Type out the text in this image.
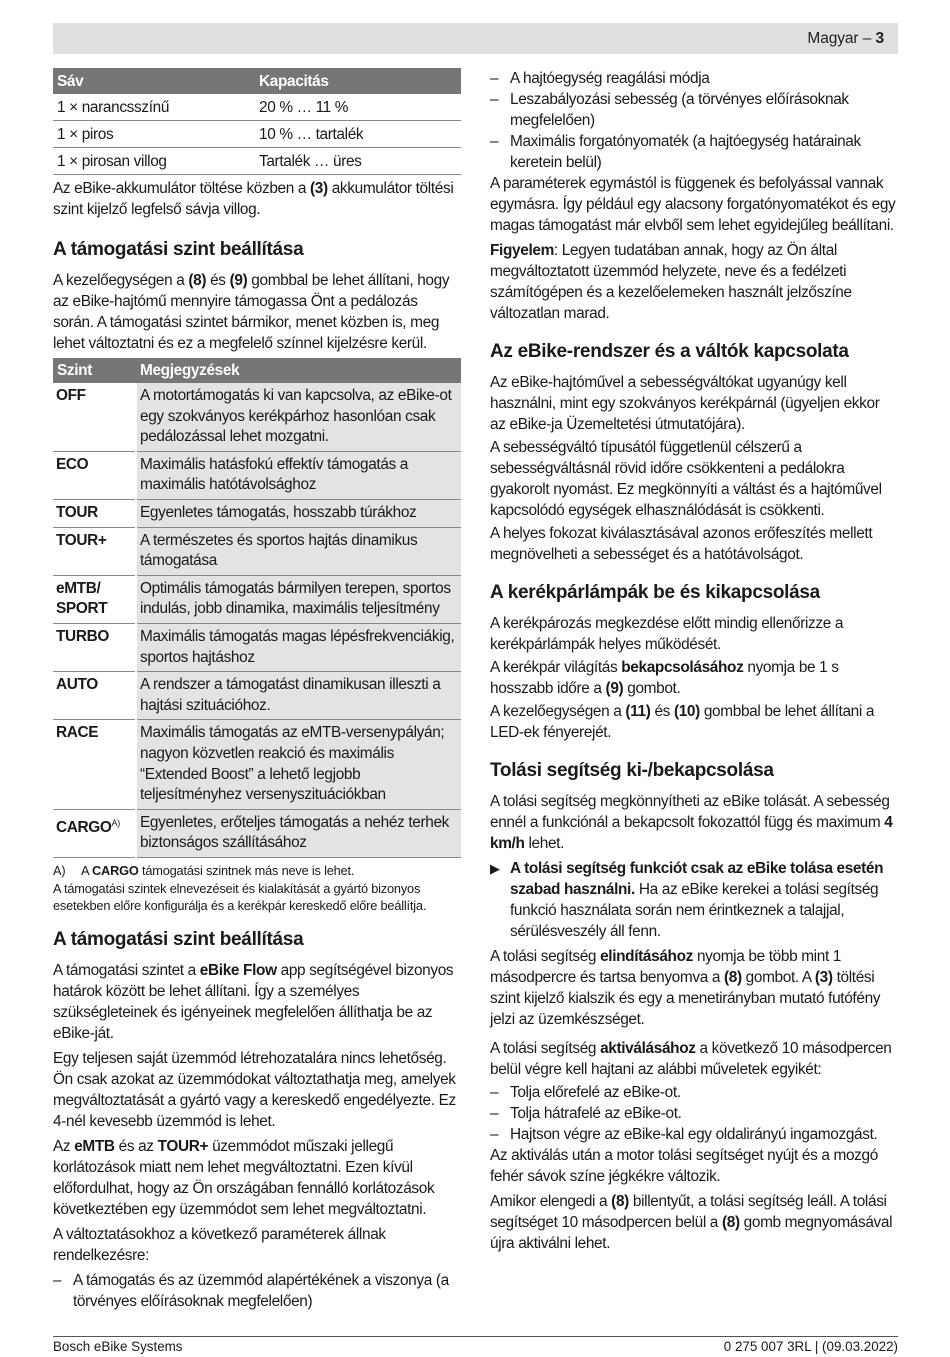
Magyar – 3
Sáv	Kapacitás
1 × narancsszínű	20 % … 11 %
1 × piros	10 % … tartalék
1 × pirosan villog	Tartalék … üres

Az eBike-akkumulátor töltése közben a (3) akkumulátor töltési szint kijelző legfelső sávja villog.

A támogatási szint beállítása

A kezelőegységen a (8) és (9) gombbal be lehet állítani, hogy az eBike-hajtómű mennyire támogassa Önt a pedálozás során. A támogatási szintet bármikor, menet közben is, meg lehet változtatni és ez a megfelelő színnel kijelzésre kerül.

Szint	Megjegyzések
OFF	A motortámogatás ki van kapcsolva, az eBike-ot egy szokványos kerékpárhoz hasonlóan csak pedálozással lehet mozgatni.
ECO	Maximális hatásfokú effektív támogatás a maximális hatótávolsághoz
TOUR	Egyenletes támogatás, hosszabb túrákhoz
TOUR+	A természetes és sportos hajtás dinamikus támogatása
eMTB/ SPORT	Optimális támogatás bármilyen terepen, sportos indulás, jobb dinamika, maximális teljesítmény
TURBO	Maximális támogatás magas lépésfrekvenciákig, sportos hajtáshoz
AUTO	A rendszer a támogatást dinamikusan illeszti a hajtási szituációhoz.
RACE	Maximális támogatás az eMTB-versenypályán; nagyon közvetlen reakció és maximális “Extended Boost” a lehető legjobb teljesítményhez versenyszituációkban
$CARGO^{A)}$	Egyenletes, erőteljes támogatás a nehéz terhek biztonságos szállításához
A) A CARGO támogatási szintnek más neve is lehet.
A támogatási szintek elnevezéseit és kialakítását a gyártó bizonyos esetekben előre konfigurálja és a kerékpár kereskedő előre beállítja.
A támogatási szint beállítása

A támogatási szintet a eBike Flow app segítségével bizonyos határok között be lehet állítani. Így a személyes szükségleteinek és igényeinek megfelelően állíthatja be az eBike-ját.

Egy teljesen saját üzemmód létrehozatalára nincs lehetőség. Ön csak azokat az üzemmódokat változtathatja meg, amelyek megváltoztatását a gyártó vagy a kereskedő engedélyezte. Ez 4-nél kevesebb üzemmód is lehet.

Az eMTB és az TOUR+ üzemmódot műszaki jellegű korlátozások miatt nem lehet megváltoztatni. Ezen kívül előfordulhat, hogy az Ön országában fennálló korlátozások következtében egy üzemmódot sem lehet megváltoztatni.

A változtatásokhoz a következő paraméterek állnak rendelkezésre:

– A támogatás és az üzemmód alapértékének a viszonya (a törvényes előírásoknak megfelelően)
– A hajtóegység reagálási módja
– Leszabályozási sebesség (a törvényes előírásoknak megfelelően)
– Maximális forgatónyomaték (a hajtóegység határainak keretein belül)

A paraméterek egymástól is függenek és befolyással vannak egymásra. Így például egy alacsony forgatónyomatékot és egy magas támogatást már elvből sem lehet egyidejűleg beállítani.

Figyelem: Legyen tudatában annak, hogy az Ön által megváltoztatott üzemmód helyzete, neve és a fedélzeti számítógépen és a kezelőelemeken használt jelzőszíne változatlan marad.

Az eBike-rendszer és a váltók kapcsolata

Az eBike-hajtóművel a sebességváltókat ugyanúgy kell használni, mint egy szokványos kerékpárnál (ügyeljen ekkor az eBike-ja Üzemeltetési útmutatójára).

A sebességváltó típusától függetlenül célszerű a sebességváltásnál rövid időre csökkenteni a pedálokra gyakorolt nyomást. Ez megkönnyíti a váltást és a hajtóművel kapcsolódó egységek elhasználódását is csökkenti.

A helyes fokozat kiválasztásával azonos erőfeszítés mellett megnövelheti a sebességet és a hatótávolságot.

A kerékpárlámpák be és kikapcsolása

A kerékpározás megkezdése előtt mindig ellenőrizze a kerékpárlámpák helyes működését.

A kerékpár világítás bekapcsolásához nyomja be 1 s hosszabb időre a (9) gombot.

A kezelőegységen a (11) és (10) gombbal be lehet állítani a LED-ek fényerejét.

Tolási segítség ki-/bekapcsolása

A tolási segítség megkönnyítheti az eBike tolását. A sebesség ennél a funkciónál a bekapcsolt fokozattól függ és maximum 4 km/h lehet.

▶ A tolási segítség funkciót csak az eBike tolása esetén szabad használni. Ha az eBike kerekei a tolási segítség funkció használata során nem érintkeznek a talajjal, sérülésveszély áll fenn.

A tolási segítség elindításához nyomja be több mint 1 másodpercre és tartsa benyomva a (8) gombot. A (3) töltési szint kijelző kialszik és egy a menetirányban mutató futófény jelzi az üzemkészséget.

A tolási segítség aktiválásához a következő 10 másodpercen belül végre kell hajtani az alábbi műveletek egyikét:

– Tolja előrefelé az eBike-ot.
– Tolja hátrafelé az eBike-ot.
– Hajtson végre az eBike-kal egy oldalirányú ingamozgást.

Az aktiválás után a motor tolási segítséget nyújt és a mozgó fehér sávok színe jégkékre változik.

Amikor elengedi a (8) billentyűt, a tolási segítség leáll. A tolási segítséget 10 másodpercen belül a (8) gomb megnyomásával újra aktiválni lehet.

Bosch eBike Systems	0 275 007 3RL | (09.03.2022)
